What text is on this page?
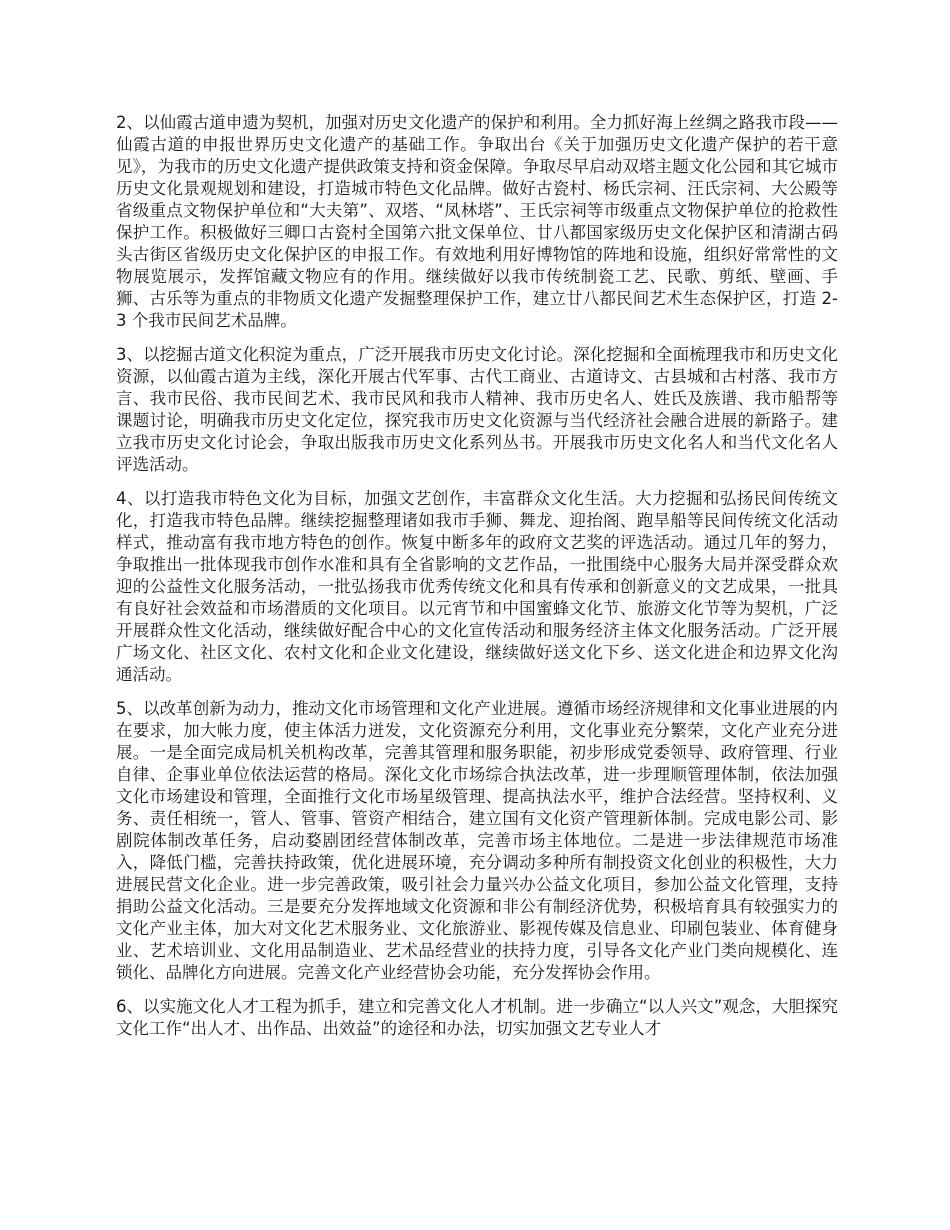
2、以仙霞古道申遗为契机，加强对历史文化遗产的保护和利用。全力抓好海上丝绸之路我市段——仙霞古道的申报世界历史文化遗产的基础工作。争取出台《关于加强历史文化遗产保护的若干意见》，为我市的历史文化遗产提供政策支持和资金保障。争取尽早启动双塔主题文化公园和其它城市历史文化景观规划和建设，打造城市特色文化品牌。做好古瓷村、杨氏宗祠、汪氏宗祠、大公殿等省级重点文物保护单位和“大夫第”、双塔、“凤林塔”、王氏宗祠等市级重点文物保护单位的抢救性保护工作。积极做好三卿口古瓷村全国第六批文保单位、廿八都国家级历史文化保护区和清湖古码头古街区省级历史文化保护区的申报工作。有效地利用好博物馆的阵地和设施，组织好常常性的文物展览展示，发挥馆藏文物应有的作用。继续做好以我市传统制瓷工艺、民歌、剪纸、壁画、手狮、古乐等为重点的非物质文化遗产发掘整理保护工作，建立廿八都民间艺术生态保护区，打造 2-3 个我市民间艺术品牌。

3、以挖掘古道文化积淀为重点，广泛开展我市历史文化讨论。深化挖掘和全面梳理我市和历史文化资源，以仙霞古道为主线，深化开展古代军事、古代工商业、古道诗文、古县城和古村落、我市方言、我市民俗、我市民间艺术、我市民风和我市人精神、我市历史名人、姓氏及族谱、我市船帮等课题讨论，明确我市历史文化定位，探究我市历史文化资源与当代经济社会融合进展的新路子。建立我市历史文化讨论会，争取出版我市历史文化系列丛书。开展我市历史文化名人和当代文化名人评选活动。

4、以打造我市特色文化为目标，加强文艺创作，丰富群众文化生活。大力挖掘和弘扬民间传统文化，打造我市特色品牌。继续挖掘整理诸如我市手狮、舞龙、迎抬阁、跑旱船等民间传统文化活动样式，推动富有我市地方特色的创作。恢复中断多年的政府文艺奖的评选活动。通过几年的努力，争取推出一批体现我市创作水准和具有全省影响的文艺作品，一批围绕中心服务大局并深受群众欢迎的公益性文化服务活动，一批弘扬我市优秀传统文化和具有传承和创新意义的文艺成果，一批具有良好社会效益和市场潜质的文化项目。以元宵节和中国蜜蜂文化节、旅游文化节等为契机，广泛开展群众性文化活动，继续做好配合中心的文化宣传活动和服务经济主体文化服务活动。广泛开展广场文化、社区文化、农村文化和企业文化建设，继续做好送文化下乡、送文化进企和边界文化沟通活动。

5、以改革创新为动力，推动文化市场管理和文化产业进展。遵循市场经济规律和文化事业进展的内在要求，加大帐力度，使主体活力迸发，文化资源充分利用，文化事业充分繁荣，文化产业充分进展。一是全面完成局机关机构改革，完善其管理和服务职能，初步形成党委领导、政府管理、行业自律、企事业单位依法运营的格局。深化文化市场综合执法改革，进一步理顺管理体制，依法加强文化市场建设和管理，全面推行文化市场星级管理、提高执法水平，维护合法经营。坚持权利、义务、责任相统一，管人、管事、管资产相结合，建立国有文化资产管理新体制。完成电影公司、影剧院体制改革任务，启动婺剧团经营体制改革，完善市场主体地位。二是进一步法律规范市场准入，降低门槛，完善扶持政策，优化进展环境，充分调动多种所有制投资文化创业的积极性，大力进展民营文化企业。进一步完善政策，吸引社会力量兴办公益文化项目，参加公益文化管理，支持捐助公益文化活动。三是要充分发挥地域文化资源和非公有制经济优势，积极培育具有较强实力的文化产业主体，加大对文化艺术服务业、文化旅游业、影视传媒及信息业、印刷包装业、体育健身业、艺术培训业、文化用品制造业、艺术品经营业的扶持力度，引导各文化产业门类向规模化、连锁化、品牌化方向进展。完善文化产业经营协会功能，充分发挥协会作用。

6、以实施文化人才工程为抓手，建立和完善文化人才机制。进一步确立“以人兴文”观念，大胆探究文化工作“出人才、出作品、出效益”的途径和办法，切实加强文艺专业人才
